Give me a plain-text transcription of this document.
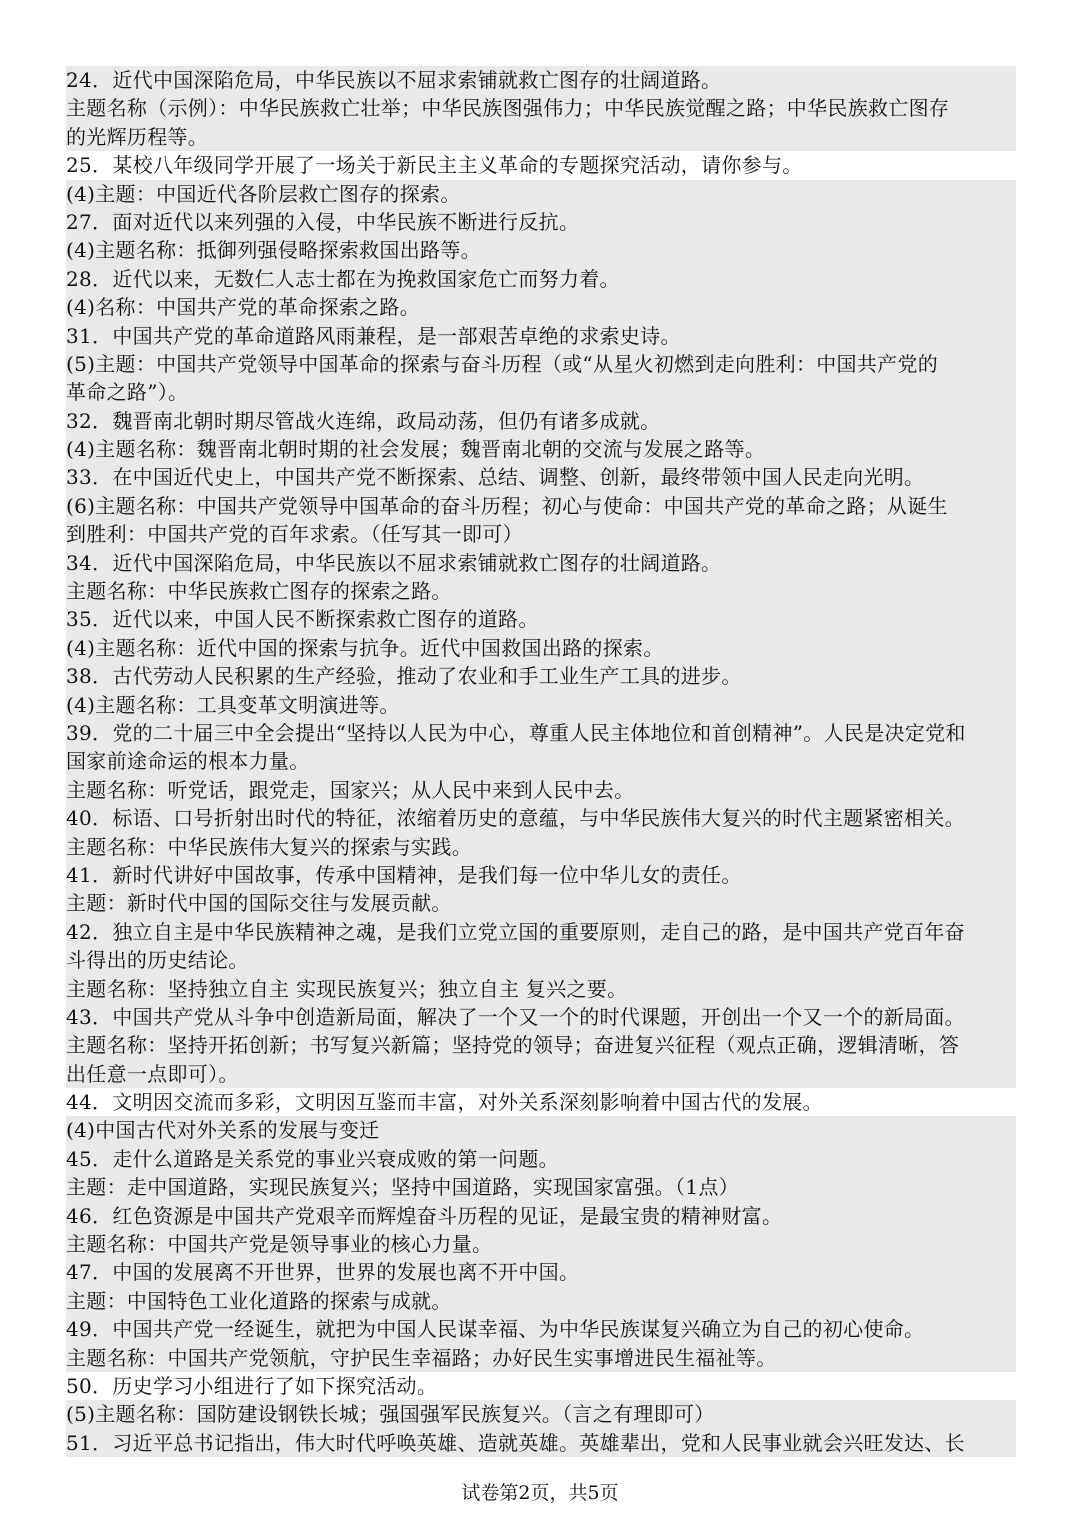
24．近代中国深陷危局，中华民族以不屈求索铺就救亡图存的壮阔道路。
主题名称（示例）：中华民族救亡壮举；中华民族图强伟力；中华民族觉醒之路；中华民族救亡图存
的光辉历程等。
25．某校八年级同学开展了一场关于新民主主义革命的专题探究活动，请你参与。
(4)主题：中国近代各阶层救亡图存的探索。
27．面对近代以来列强的入侵，中华民族不断进行反抗。
(4)主题名称：抵御列强侵略探索救国出路等。
28．近代以来，无数仁人志士都在为挽救国家危亡而努力着。
(4)名称：中国共产党的革命探索之路。
31．中国共产党的革命道路风雨兼程，是一部艰苦卓绝的求索史诗。
(5)主题：中国共产党领导中国革命的探索与奋斗历程（或“从星火初燃到走向胜利：中国共产党的
革命之路”）。
32．魏晋南北朝时期尽管战火连绵，政局动荡，但仍有诸多成就。
(4)主题名称：魏晋南北朝时期的社会发展；魏晋南北朝的交流与发展之路等。
33．在中国近代史上，中国共产党不断探索、总结、调整、创新，最终带领中国人民走向光明。
(6)主题名称：中国共产党领导中国革命的奋斗历程；初心与使命：中国共产党的革命之路；从诞生
到胜利：中国共产党的百年求索。（任写其一即可）
34．近代中国深陷危局，中华民族以不屈求索铺就救亡图存的壮阔道路。
主题名称：中华民族救亡图存的探索之路。
35．近代以来，中国人民不断探索救亡图存的道路。
(4)主题名称：近代中国的探索与抗争。近代中国救国出路的探索。
38．古代劳动人民积累的生产经验，推动了农业和手工业生产工具的进步。
(4)主题名称：工具变革文明演进等。
39．党的二十届三中全会提出“坚持以人民为中心，尊重人民主体地位和首创精神”。人民是决定党和
国家前途命运的根本力量。
主题名称：听党话，跟党走，国家兴；从人民中来到人民中去。
40．标语、口号折射出时代的特征，浓缩着历史的意蕴，与中华民族伟大复兴的时代主题紧密相关。
主题名称：中华民族伟大复兴的探索与实践。
41．新时代讲好中国故事，传承中国精神，是我们每一位中华儿女的责任。
主题：新时代中国的国际交往与发展贡献。
42．独立自主是中华民族精神之魂，是我们立党立国的重要原则，走自己的路，是中国共产党百年奋
斗得出的历史结论。
主题名称：坚持独立自主 实现民族复兴；独立自主 复兴之要。
43．中国共产党从斗争中创造新局面，解决了一个又一个的时代课题，开创出一个又一个的新局面。
主题名称：坚持开拓创新；书写复兴新篇；坚持党的领导；奋进复兴征程（观点正确，逻辑清晰，答
出任意一点即可）。
44．文明因交流而多彩，文明因互鉴而丰富，对外关系深刻影响着中国古代的发展。
(4)中国古代对外关系的发展与变迁
45．走什么道路是关系党的事业兴衰成败的第一问题。
主题：走中国道路，实现民族复兴；坚持中国道路，实现国家富强。（1点）
46．红色资源是中国共产党艰辛而辉煌奋斗历程的见证，是最宝贵的精神财富。
主题名称：中国共产党是领导事业的核心力量。
47．中国的发展离不开世界，世界的发展也离不开中国。
主题：中国特色工业化道路的探索与成就。
49．中国共产党一经诞生，就把为中国人民谋幸福、为中华民族谋复兴确立为自己的初心使命。
主题名称：中国共产党领航，守护民生幸福路；办好民生实事增进民生福祉等。
50．历史学习小组进行了如下探究活动。
(5)主题名称：国防建设钢铁长城；强国强军民族复兴。（言之有理即可）
51．习近平总书记指出，伟大时代呼唤英雄、造就英雄。英雄辈出，党和人民事业就会兴旺发达、长
试卷第2页，共5页
